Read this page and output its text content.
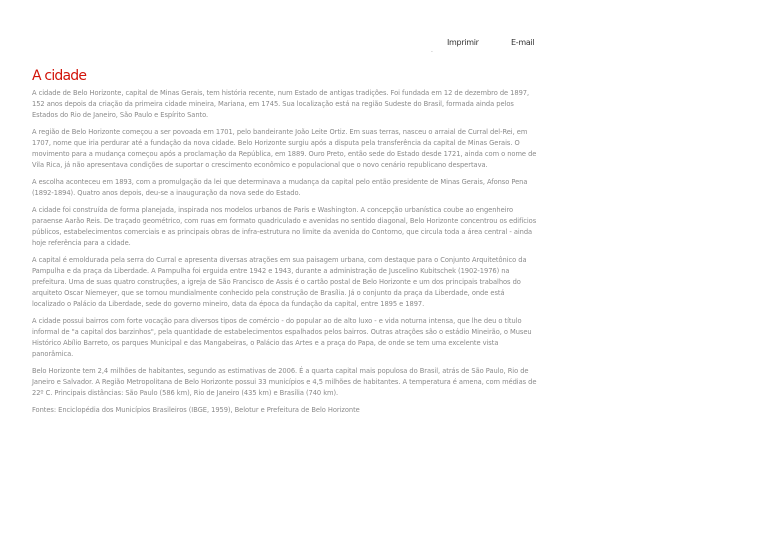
.
Imprimir	E-mail
A cidade

A cidade de Belo Horizonte, capital de Minas Gerais, tem história recente, num Estado de antigas tradições. Foi fundada em 12 de dezembro de 1897, 152 anos depois da criação da primeira cidade mineira, Mariana, em 1745. Sua localização está na região Sudeste do Brasil, formada ainda pelos Estados do Rio de Janeiro, São Paulo e Espírito Santo.

A região de Belo Horizonte começou a ser povoada em 1701, pelo bandeirante João Leite Ortiz. Em suas terras, nasceu o arraial de Curral del-Rei, em 1707, nome que iria perdurar até a fundação da nova cidade. Belo Horizonte surgiu após a disputa pela transferência da capital de Minas Gerais. O movimento para a mudança começou após a proclamação da República, em 1889. Ouro Preto, então sede do Estado desde 1721, ainda com o nome de Vila Rica, já não apresentava condições de suportar o crescimento econômico e populacional que o novo cenário republicano despertava.

A escolha aconteceu em 1893, com a promulgação da lei que determinava a mudança da capital pelo então presidente de Minas Gerais, Afonso Pena (1892-1894). Quatro anos depois, deu-se a inauguração da nova sede do Estado.

A cidade foi construída de forma planejada, inspirada nos modelos urbanos de Paris e Washington. A concepção urbanística coube ao engenheiro paraense Aarão Reis. De traçado geométrico, com ruas em formato quadriculado e avenidas no sentido diagonal, Belo Horizonte concentrou os edifícios públicos, estabelecimentos comerciais e as principais obras de infra-estrutura no limite da avenida do Contorno, que circula toda a área central - ainda hoje referência para a cidade.

A capital é emoldurada pela serra do Curral e apresenta diversas atrações em sua paisagem urbana, com destaque para o Conjunto Arquitetônico da Pampulha e da praça da Liberdade. A Pampulha foi erguida entre 1942 e 1943, durante a administração de Juscelino Kubitschek (1902-1976) na prefeitura. Uma de suas quatro construções, a igreja de São Francisco de Assis é o cartão postal de Belo Horizonte e um dos principais trabalhos do arquiteto Oscar Niemeyer, que se tornou mundialmente conhecido pela construção de Brasília. Já o conjunto da praça da Liberdade, onde está localizado o Palácio da Liberdade, sede do governo mineiro, data da época da fundação da capital, entre 1895 e 1897.

A cidade possui bairros com forte vocação para diversos tipos de comércio - do popular ao de alto luxo - e vida noturna intensa, que lhe deu o título informal de "a capital dos barzinhos", pela quantidade de estabelecimentos espalhados pelos bairros. Outras atrações são o estádio Mineirão, o Museu Histórico Abílio Barreto, os parques Municipal e das Mangabeiras, o Palácio das Artes e a praça do Papa, de onde se tem uma excelente vista panorâmica.

Belo Horizonte tem 2,4 milhões de habitantes, segundo as estimativas de 2006. É a quarta capital mais populosa do Brasil, atrás de São Paulo, Rio de Janeiro e Salvador. A Região Metropolitana de Belo Horizonte possui 33 municípios e 4,5 milhões de habitantes. A temperatura é amena, com médias de 22º C. Principais distâncias: São Paulo (586 km), Rio de Janeiro (435 km) e Brasília (740 km).

Fontes: Enciclopédia dos Municípios Brasileiros (IBGE, 1959), Belotur e Prefeitura de Belo Horizonte
